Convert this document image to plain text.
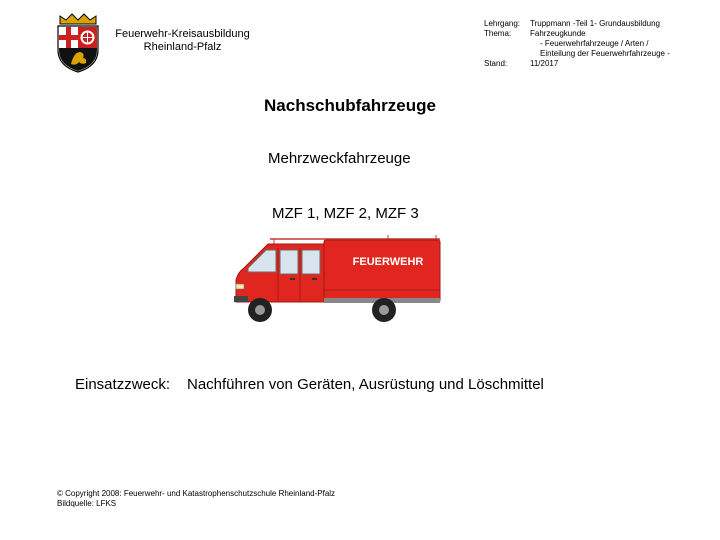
Feuerwehr-Kreisausbildung
Rheinland-Pfalz
Lehrgang:	Truppmann -Teil 1- Grundausbildung
Thema:	Fahrzeugkunde
- Feuerwehrfahrzeuge / Arten /
Einteilung der Feuerwehrfahrzeuge -
Stand:	11/2017
Nachschubfahrzeuge
Mehrzweckfahrzeuge
MZF 1, MZF 2, MZF 3
FEUERWEHR
Einsatzzweck: Nachführen von Geräten, Ausrüstung und Löschmittel
© Copyright 2008: Feuerwehr- und Katastrophenschutzschule Rheinland-Pfalz
Bildquelle: LFKS
